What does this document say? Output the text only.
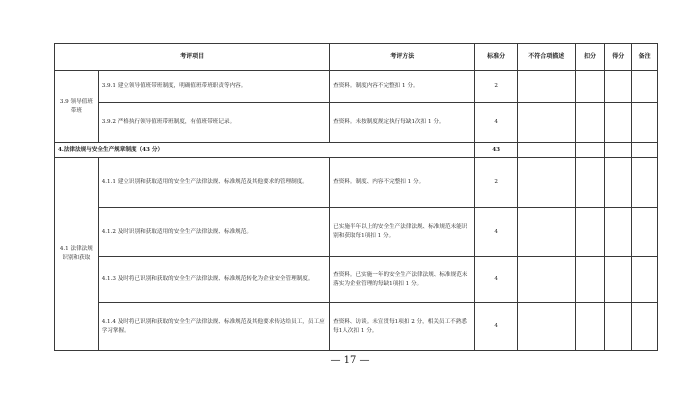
考评项目		考评方法	标准分	不符合项描述	扣分	得分	备注
3.9 领导值班带班	3.9.1 建立领导值班带班制度，明确值班带班职责等内容。	查资料。制度内容不完整扣 1 分。	2				
	3.9.2 严格执行领导值班带班制度，有值班带班记录。	查资料。未按制度规定执行每缺1次扣 1 分。	4				
4.法律法规与安全生产规章制度（43 分）			43				
4.1 法律法规识别和获取	4.1.1 建立识别和获取适用的安全生产法律法规、标准规范及其他要求的管理制度。	查资料。制度、内容不完整扣 1 分。	2				
	4.1.2 及时识别和获取适用的安全生产法律法规、标准规范。	已实施半年以上的安全生产法律法规、标准规范未能识别和获取每1项扣 1 分。	4				
	4.1.3 及时将已识别和获取的安全生产法律法规、标准规范转化为企业安全管理制度。	查资料。已实施一年的安全生产法律法规、标准规范未落实为企业管理的每缺1项扣 1 分。	4				
	4.1.4 及时将已识别和获取的安全生产法律法规、标准规范及其他要求传达给员工，员工应学习掌握。	查资料、访谈。未宣贯每1项扣 2 分，相关员工不熟悉每1人次扣 1 分。	4				
— 17 —
